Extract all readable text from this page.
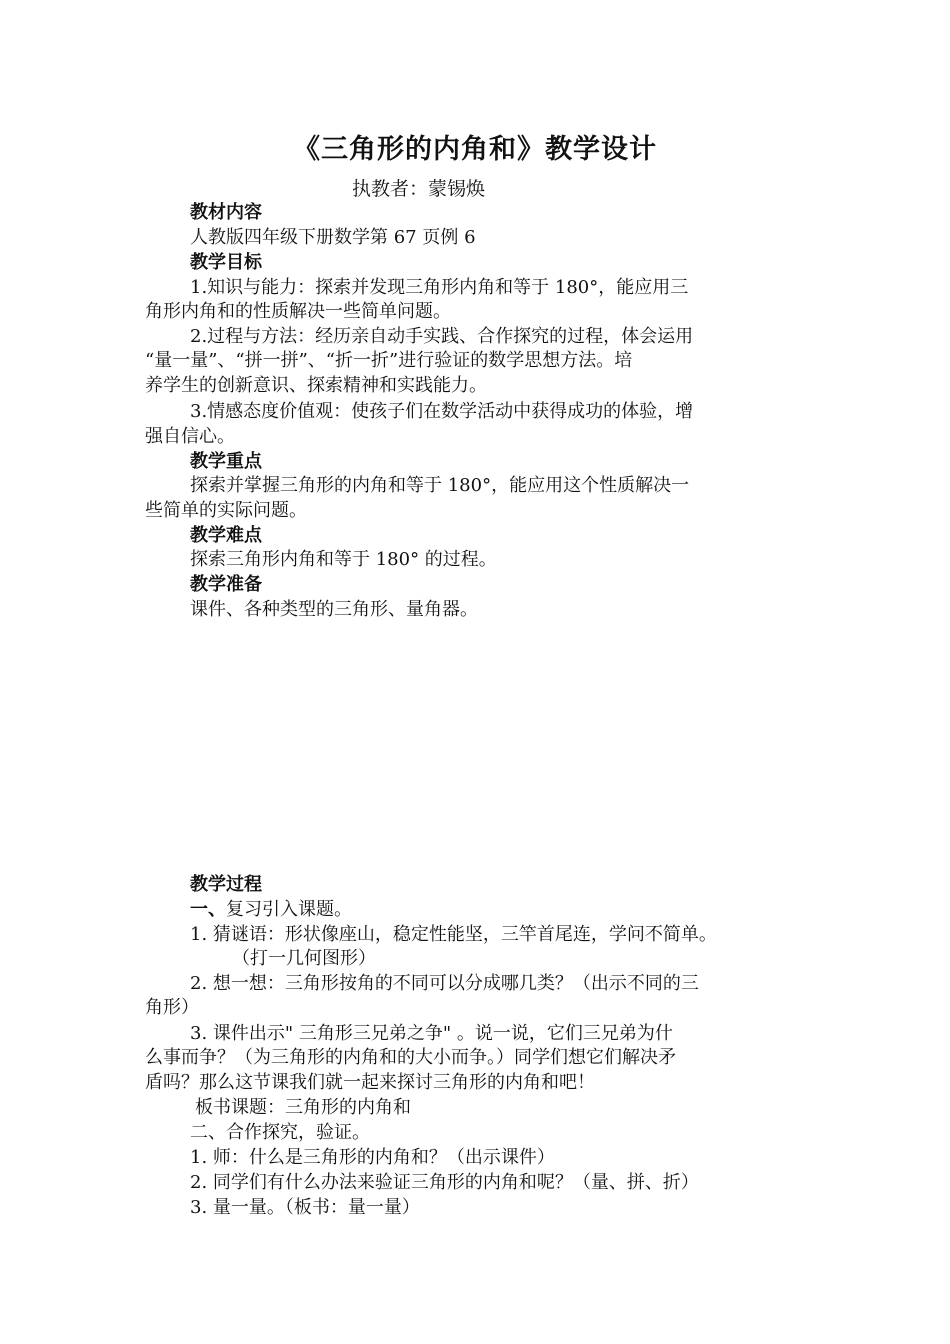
《三角形的内角和》教学设计
执教者：蒙锡焕
教材内容
人教版四年级下册数学第 67 页例 6
教学目标
1.知识与能力：探索并发现三角形内角和等于 180°，能应用三
角形内角和的性质解决一些简单问题。
2.过程与方法：经历亲自动手实践、合作探究的过程，体会运用
“量一量”、“拼一拼”、“折一折”进行验证的数学思想方法。培
养学生的创新意识、探索精神和实践能力。
3.情感态度价值观：使孩子们在数学活动中获得成功的体验，增
强自信心。
教学重点
探索并掌握三角形的内角和等于 180°，能应用这个性质解决一
些简单的实际问题。
教学难点
探索三角形内角和等于 180° 的过程。
教学准备
课件、各种类型的三角形、量角器。
教学过程
一、复习引入课题。
1. 猜谜语：形状像座山，稳定性能坚，三竿首尾连，学问不简单。
（打一几何图形）
2. 想一想：三角形按角的不同可以分成哪几类？（出示不同的三
角形）
3. 课件出示" 三角形三兄弟之争" 。说一说，它们三兄弟为什
么事而争？（为三角形的内角和的大小而争。）同学们想它们解决矛
盾吗？那么这节课我们就一起来探讨三角形的内角和吧！
板书课题：三角形的内角和
二、合作探究，验证。
1. 师：什么是三角形的内角和？（出示课件）
2. 同学们有什么办法来验证三角形的内角和呢？（量、拼、折）
3. 量一量。（板书：量一量）
